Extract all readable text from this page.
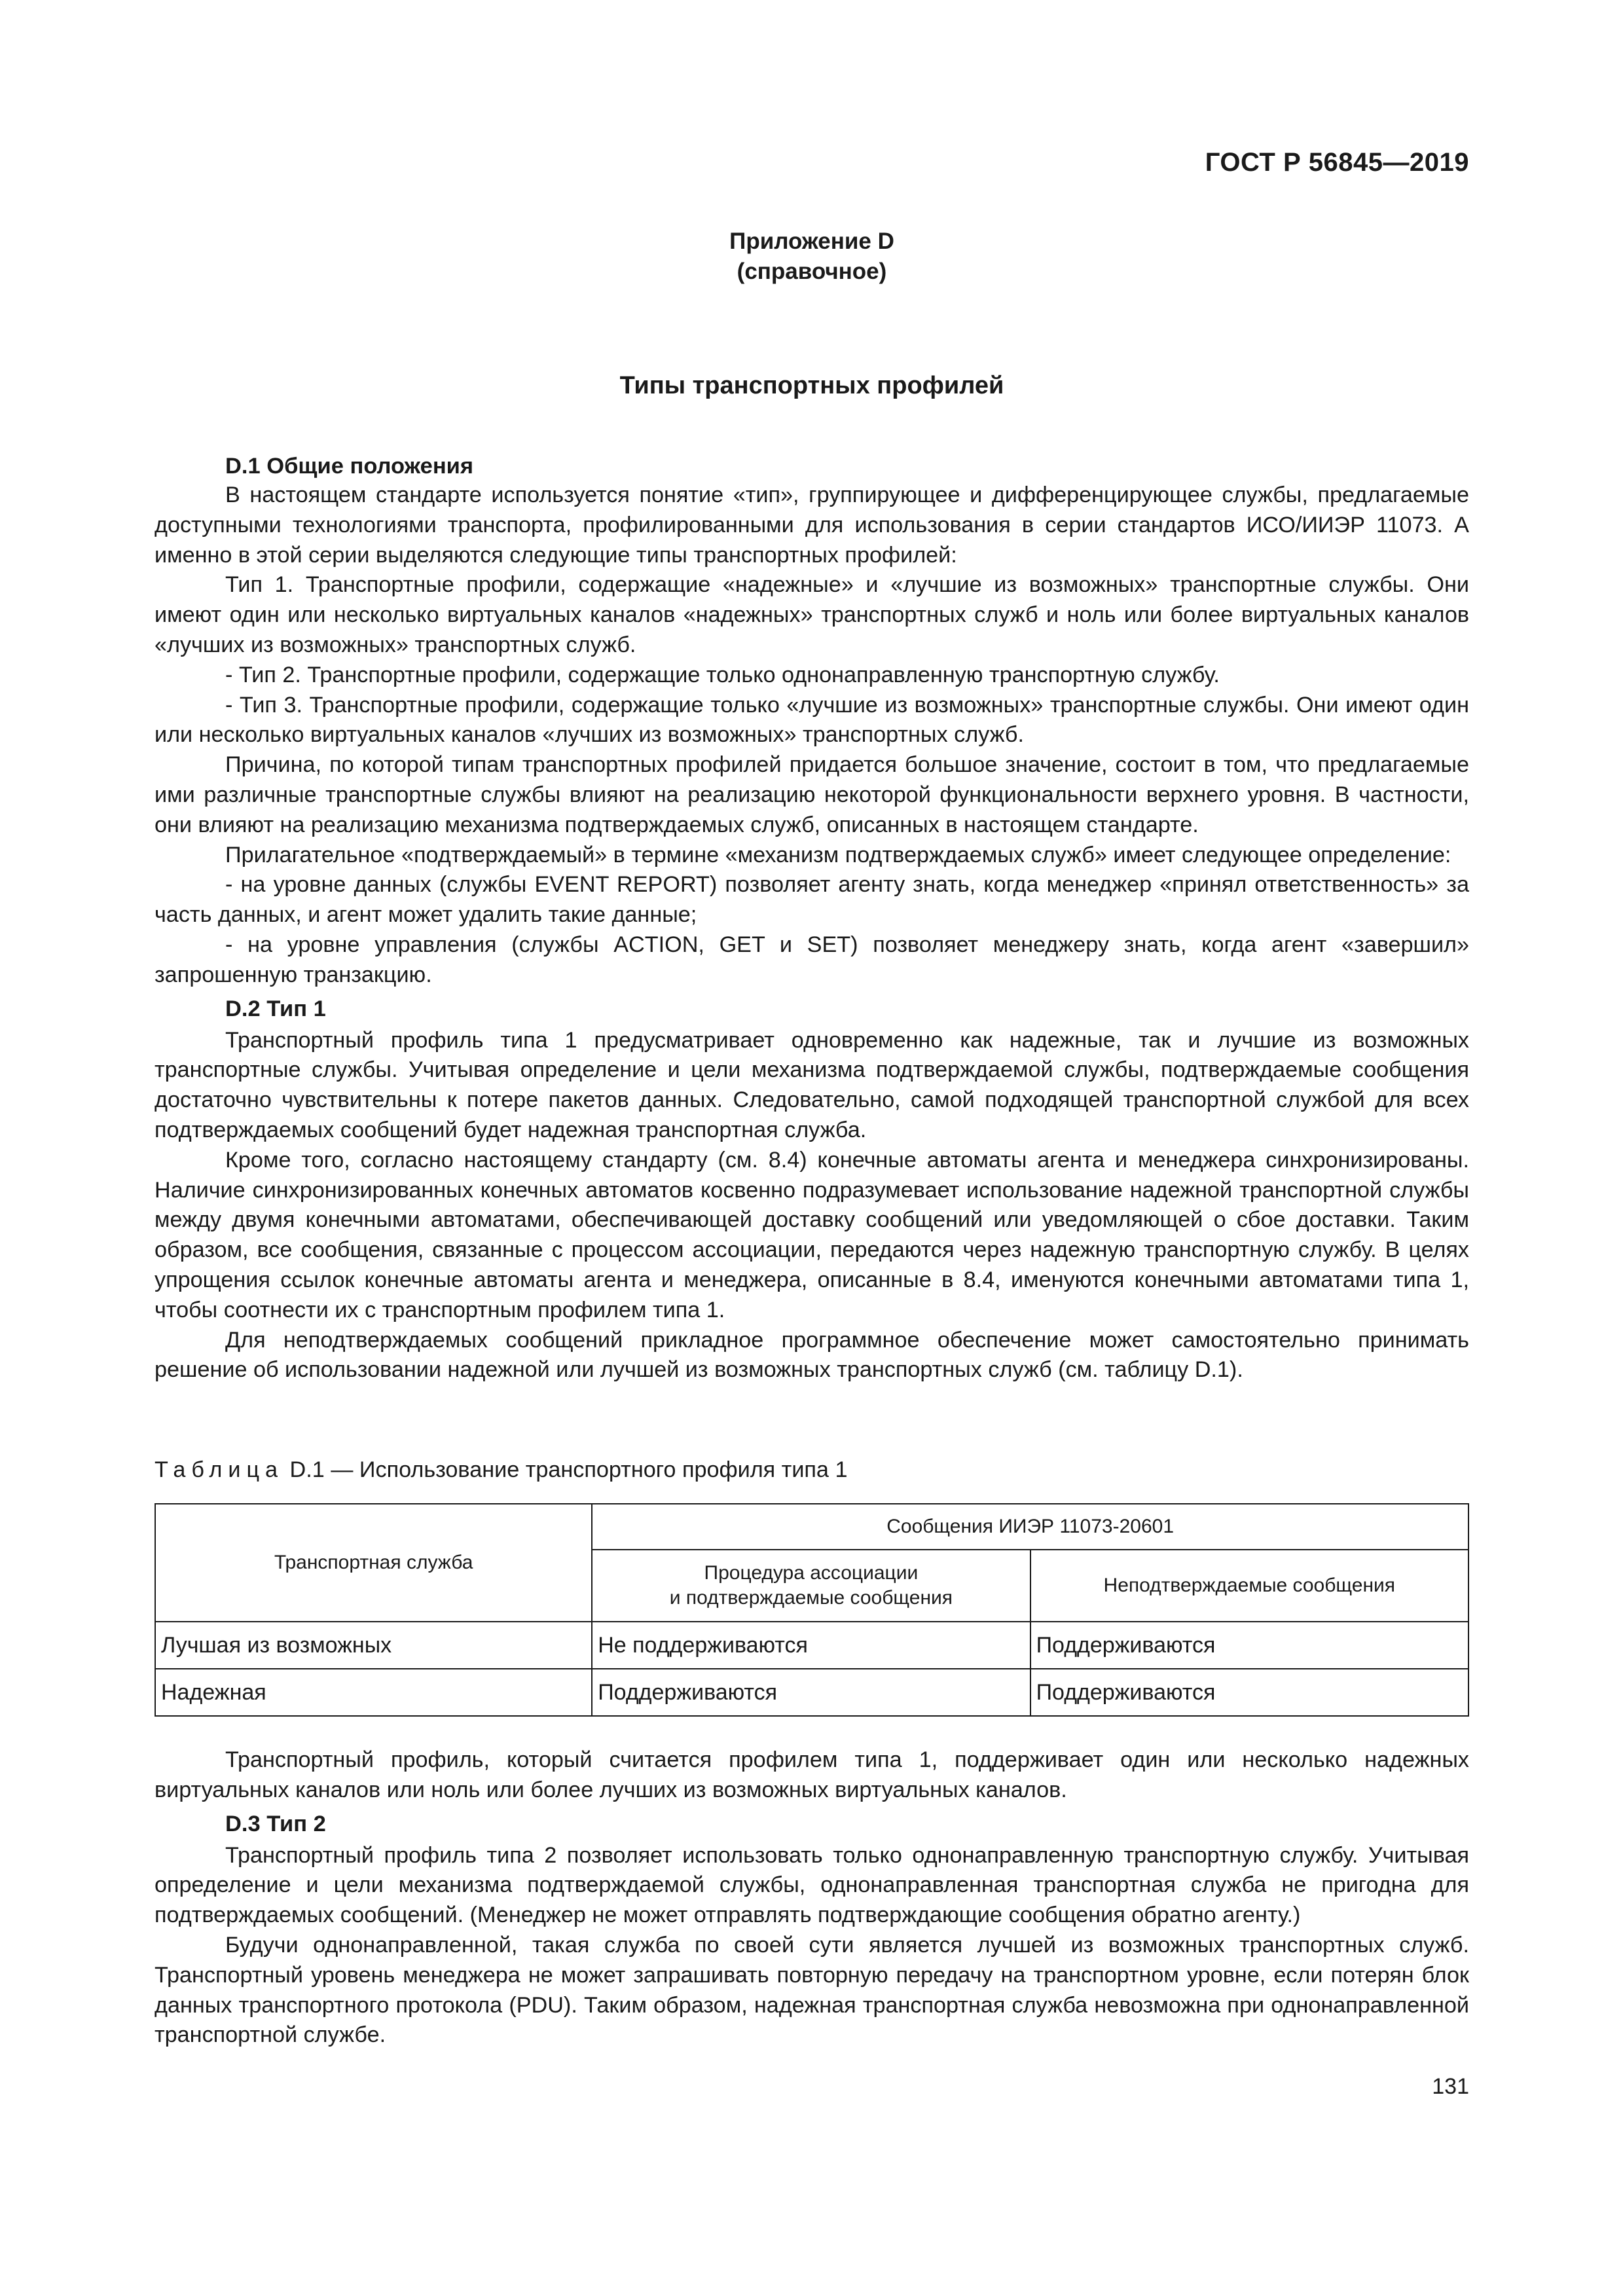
ГОСТ Р 56845—2019
Приложение D
(справочное)
Типы транспортных профилей
D.1 Общие положения

В настоящем стандарте используется понятие «тип», группирующее и дифференцирующее службы, предлагаемые доступными технологиями транспорта, профилированными для использования в серии стандартов ИСО/ИИЭР 11073. А именно в этой серии выделяются следующие типы транспортных профилей:

Тип 1. Транспортные профили, содержащие «надежные» и «лучшие из возможных» транспортные службы. Они имеют один или несколько виртуальных каналов «надежных» транспортных служб и ноль или более виртуальных каналов «лучших из возможных» транспортных служб.

- Тип 2. Транспортные профили, содержащие только однонаправленную транспортную службу.

- Тип 3. Транспортные профили, содержащие только «лучшие из возможных» транспортные службы. Они имеют один или несколько виртуальных каналов «лучших из возможных» транспортных служб.

Причина, по которой типам транспортных профилей придается большое значение, состоит в том, что предлагаемые ими различные транспортные службы влияют на реализацию некоторой функциональности верхнего уровня. В частности, они влияют на реализацию механизма подтверждаемых служб, описанных в настоящем стандарте.

Прилагательное «подтверждаемый» в термине «механизм подтверждаемых служб» имеет следующее определение:

- на уровне данных (службы EVENT REPORT) позволяет агенту знать, когда менеджер «принял ответственность» за часть данных, и агент может удалить такие данные;

- на уровне управления (службы ACTION, GET и SET) позволяет менеджеру знать, когда агент «завершил» запрошенную транзакцию.

D.2 Тип 1

Транспортный профиль типа 1 предусматривает одновременно как надежные, так и лучшие из возможных транспортные службы. Учитывая определение и цели механизма подтверждаемой службы, подтверждаемые сообщения достаточно чувствительны к потере пакетов данных. Следовательно, самой подходящей транспортной службой для всех подтверждаемых сообщений будет надежная транспортная служба.

Кроме того, согласно настоящему стандарту (см. 8.4) конечные автоматы агента и менеджера синхронизированы. Наличие синхронизированных конечных автоматов косвенно подразумевает использование надежной транспортной службы между двумя конечными автоматами, обеспечивающей доставку сообщений или уведомляющей о сбое доставки. Таким образом, все сообщения, связанные с процессом ассоциации, передаются через надежную транспортную службу. В целях упрощения ссылок конечные автоматы агента и менеджера, описанные в 8.4, именуются конечными автоматами типа 1, чтобы соотнести их с транспортным профилем типа 1.

Для неподтверждаемых сообщений прикладное программное обеспечение может самостоятельно принимать решение об использовании надежной или лучшей из возможных транспортных служб (см. таблицу D.1).

Таблица D.1 — Использование транспортного профиля типа 1
Транспортная служба	Сообщения ИИЭР 11073-20601	

	Процедура ассоциации
и подтверждаемые сообщения	Неподтверждаемые сообщения
Лучшая из возможных	Не поддерживаются	Поддерживаются
Надежная	Поддерживаются	Поддерживаются

Транспортный профиль, который считается профилем типа 1, поддерживает один или несколько надежных виртуальных каналов или ноль или более лучших из возможных виртуальных каналов.

D.3 Тип 2

Транспортный профиль типа 2 позволяет использовать только однонаправленную транспортную службу. Учитывая определение и цели механизма подтверждаемой службы, однонаправленная транспортная служба не пригодна для подтверждаемых сообщений. (Менеджер не может отправлять подтверждающие сообщения обратно агенту.)

Будучи однонаправленной, такая служба по своей сути является лучшей из возможных транспортных служб. Транспортный уровень менеджера не может запрашивать повторную передачу на транспортном уровне, если потерян блок данных транспортного протокола (PDU). Таким образом, надежная транспортная служба невозможна при однонаправленной транспортной службе.

131
